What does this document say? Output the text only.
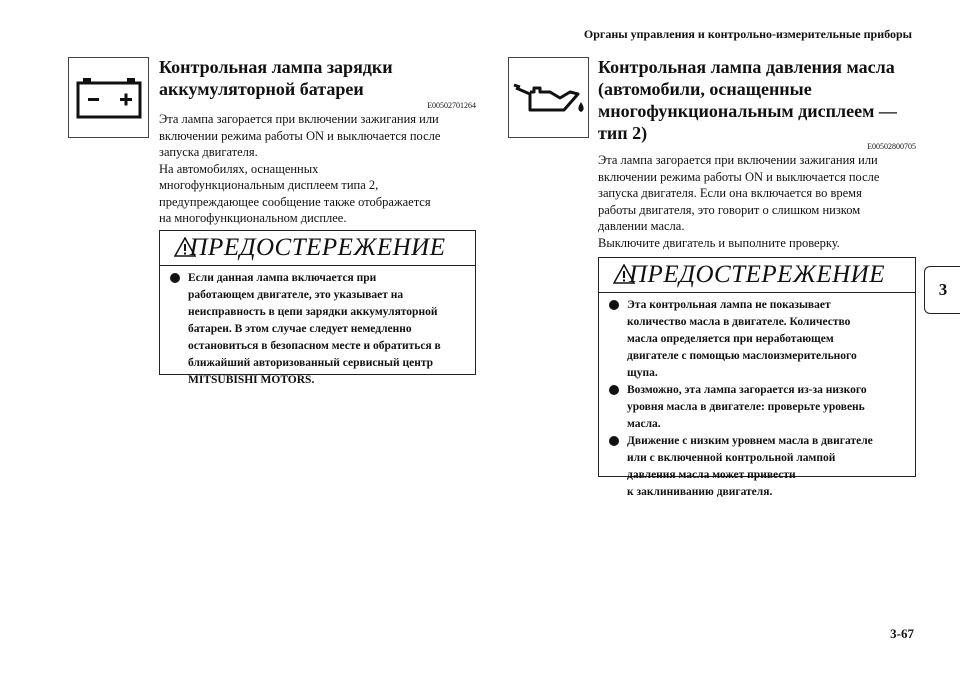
Органы управления и контрольно-измерительные приборы
3
Контрольная лампа зарядки
аккумуляторной батареи
E00502701264
Эта лампа загорается при включении зажигания или
включении режима работы ON и выключается после
запуска двигателя.
На автомобилях, оснащенных
многофункциональным дисплеем типа 2,
предупреждающее сообщение также отображается
на многофункциональном дисплее.
ПРЕДОСТЕРЕЖЕНИЕ
Если данная лампа включается при
работающем двигателе, это указывает на
неисправность в цепи зарядки аккумуляторной
батареи. В этом случае следует немедленно
остановиться в безопасном месте и обратиться в
ближайший авторизованный сервисный центр
MITSUBISHI MOTORS.
Контрольная лампа давления масла
(автомобили, оснащенные
многофункциональным дисплеем —
тип 2)
E00502800705
Эта лампа загорается при включении зажигания или
включении режима работы ON и выключается после
запуска двигателя. Если она включается во время
работы двигателя, это говорит о слишком низком
давлении масла.
Выключите двигатель и выполните проверку.
ПРЕДОСТЕРЕЖЕНИЕ
Эта контрольная лампа не показывает
количество масла в двигателе. Количество
масла определяется при неработающем
двигателе с помощью маслоизмерительного
щупа.
Возможно, эта лампа загорается из-за низкого
уровня масла в двигателе: проверьте уровень
масла.
Движение с низким уровнем масла в двигателе
или с включенной контрольной лампой
давления масла может привести
к заклиниванию двигателя.
3-67
